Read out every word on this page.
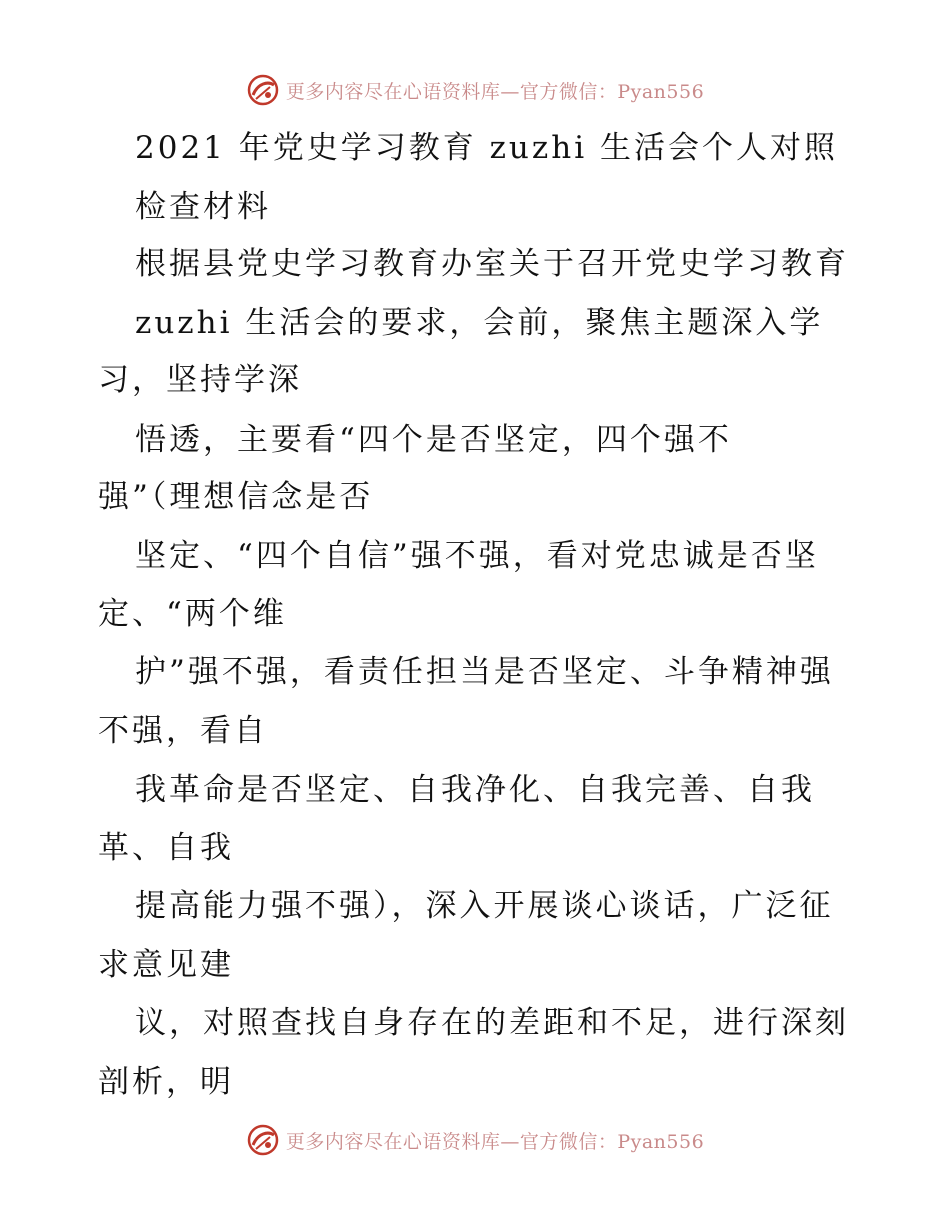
更多内容尽在心语资料库—官方微信：Pyan556
2021 年党史学习教育 zuzhi 生活会个人对照
检查材料
根据县党史学习教育办室关于召开党史学习教育
zuzhi 生活会的要求，会前，聚焦主题深入学
习，坚持学深
悟透，主要看“四个是否坚定，四个强不
强”（理想信念是否
坚定、“四个自信”强不强，看对党忠诚是否坚
定、“两个维
护”强不强，看责任担当是否坚定、斗争精神强
不强，看自
我革命是否坚定、自我净化、自我完善、自我
革、自我
提高能力强不强），深入开展谈心谈话，广泛征
求意见建
议，对照查找自身存在的差距和不足，进行深刻
剖析，明
更多内容尽在心语资料库—官方微信：Pyan556
